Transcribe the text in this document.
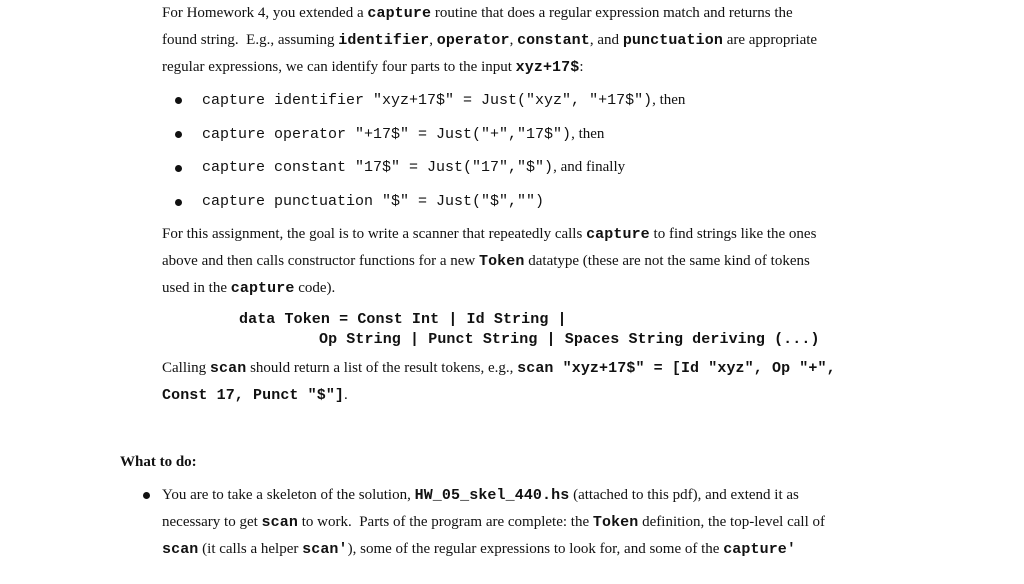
For Homework 4, you extended a capture routine that does a regular expression match and returns the
found string.  E.g., assuming identifier, operator, constant, and punctuation are appropriate
regular expressions, we can identify four parts to the input xyz+17$:
capture identifier "xyz+17$" = Just("xyz", "+17$"), then
capture operator "+17$" = Just("+","17$"), then
capture constant "17$" = Just("17","$"), and finally
capture punctuation "$" = Just("$","")
For this assignment, the goal is to write a scanner that repeatedly calls capture to find strings like the ones
above and then calls constructor functions for a new Token datatype (these are not the same kind of tokens
used in the capture code).
data Token = Const Int | Id String |
Op String | Punct String | Spaces String deriving (...)
Calling scan should return a list of the result tokens, e.g., scan "xyz+17$" = [Id "xyz", Op "+",
Const 17, Punct "$"].
What to do:
You are to take a skeleton of the solution, HW_05_skel_440.hs (attached to this pdf), and extend it as
necessary to get scan to work.  Parts of the program are complete: the Token definition, the top-level call of
scan (it calls a helper scan'), some of the regular expressions to look for, and some of the capture'
